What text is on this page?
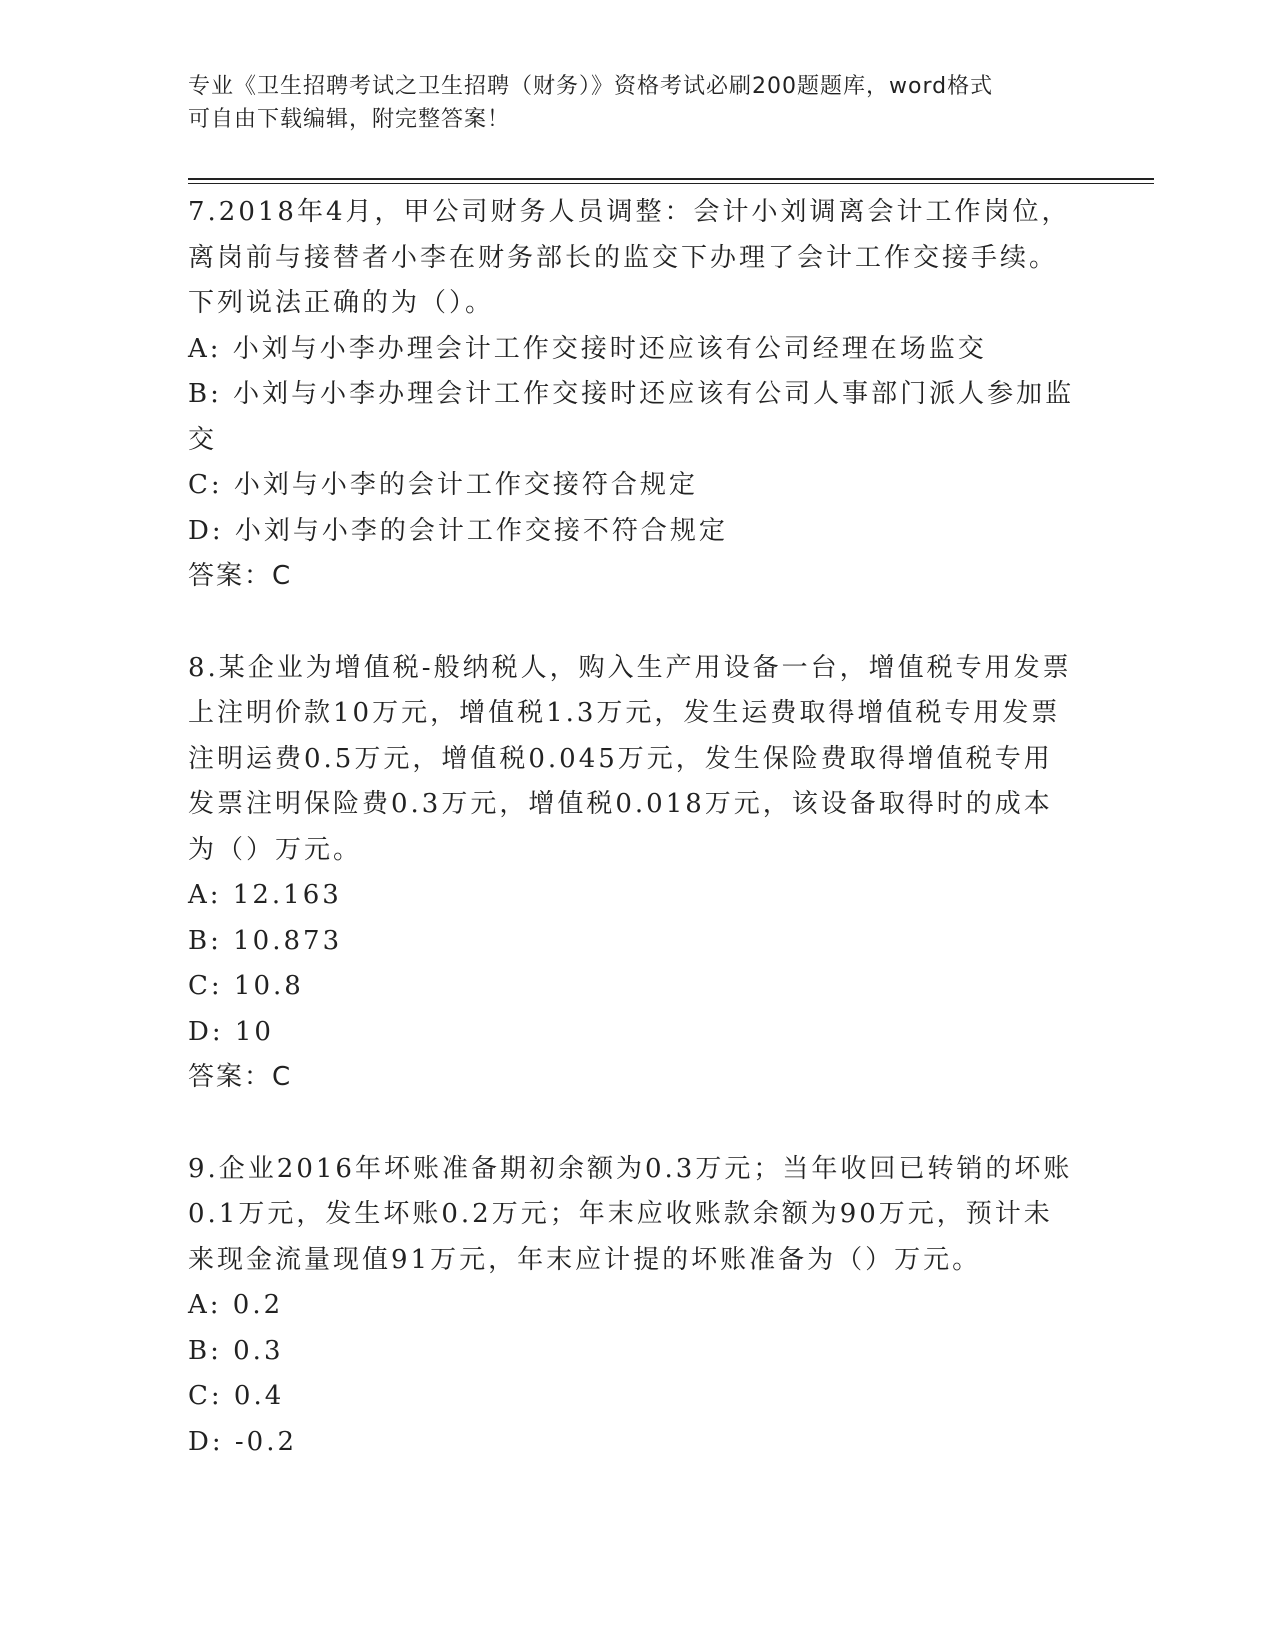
专业《卫生招聘考试之卫生招聘（财务）》资格考试必刷200题题库，word格式
可自由下载编辑，附完整答案！

7.2018年4月，甲公司财务人员调整：会计小刘调离会计工作岗位，离岗前与接替者小李在财务部长的监交下办理了会计工作交接手续。下列说法正确的为（）。

A: 小刘与小李办理会计工作交接时还应该有公司经理在场监交

B: 小刘与小李办理会计工作交接时还应该有公司人事部门派人参加监交

C: 小刘与小李的会计工作交接符合规定

D: 小刘与小李的会计工作交接不符合规定

答案：C

8.某企业为增值税-般纳税人，购入生产用设备一台，增值税专用发票上注明价款10万元，增值税1.3万元，发生运费取得增值税专用发票注明运费0.5万元，增值税0.045万元，发生保险费取得增值税专用发票注明保险费0.3万元，增值税0.018万元，该设备取得时的成本为（）万元。

A: 12.163

B: 10.873

C: 10.8

D: 10

答案：C

9.企业2016年坏账准备期初余额为0.3万元；当年收回已转销的坏账0.1万元，发生坏账0.2万元；年末应收账款余额为90万元，预计未来现金流量现值91万元，年末应计提的坏账准备为（）万元。

A: 0.2

B: 0.3

C: 0.4

D: -0.2
